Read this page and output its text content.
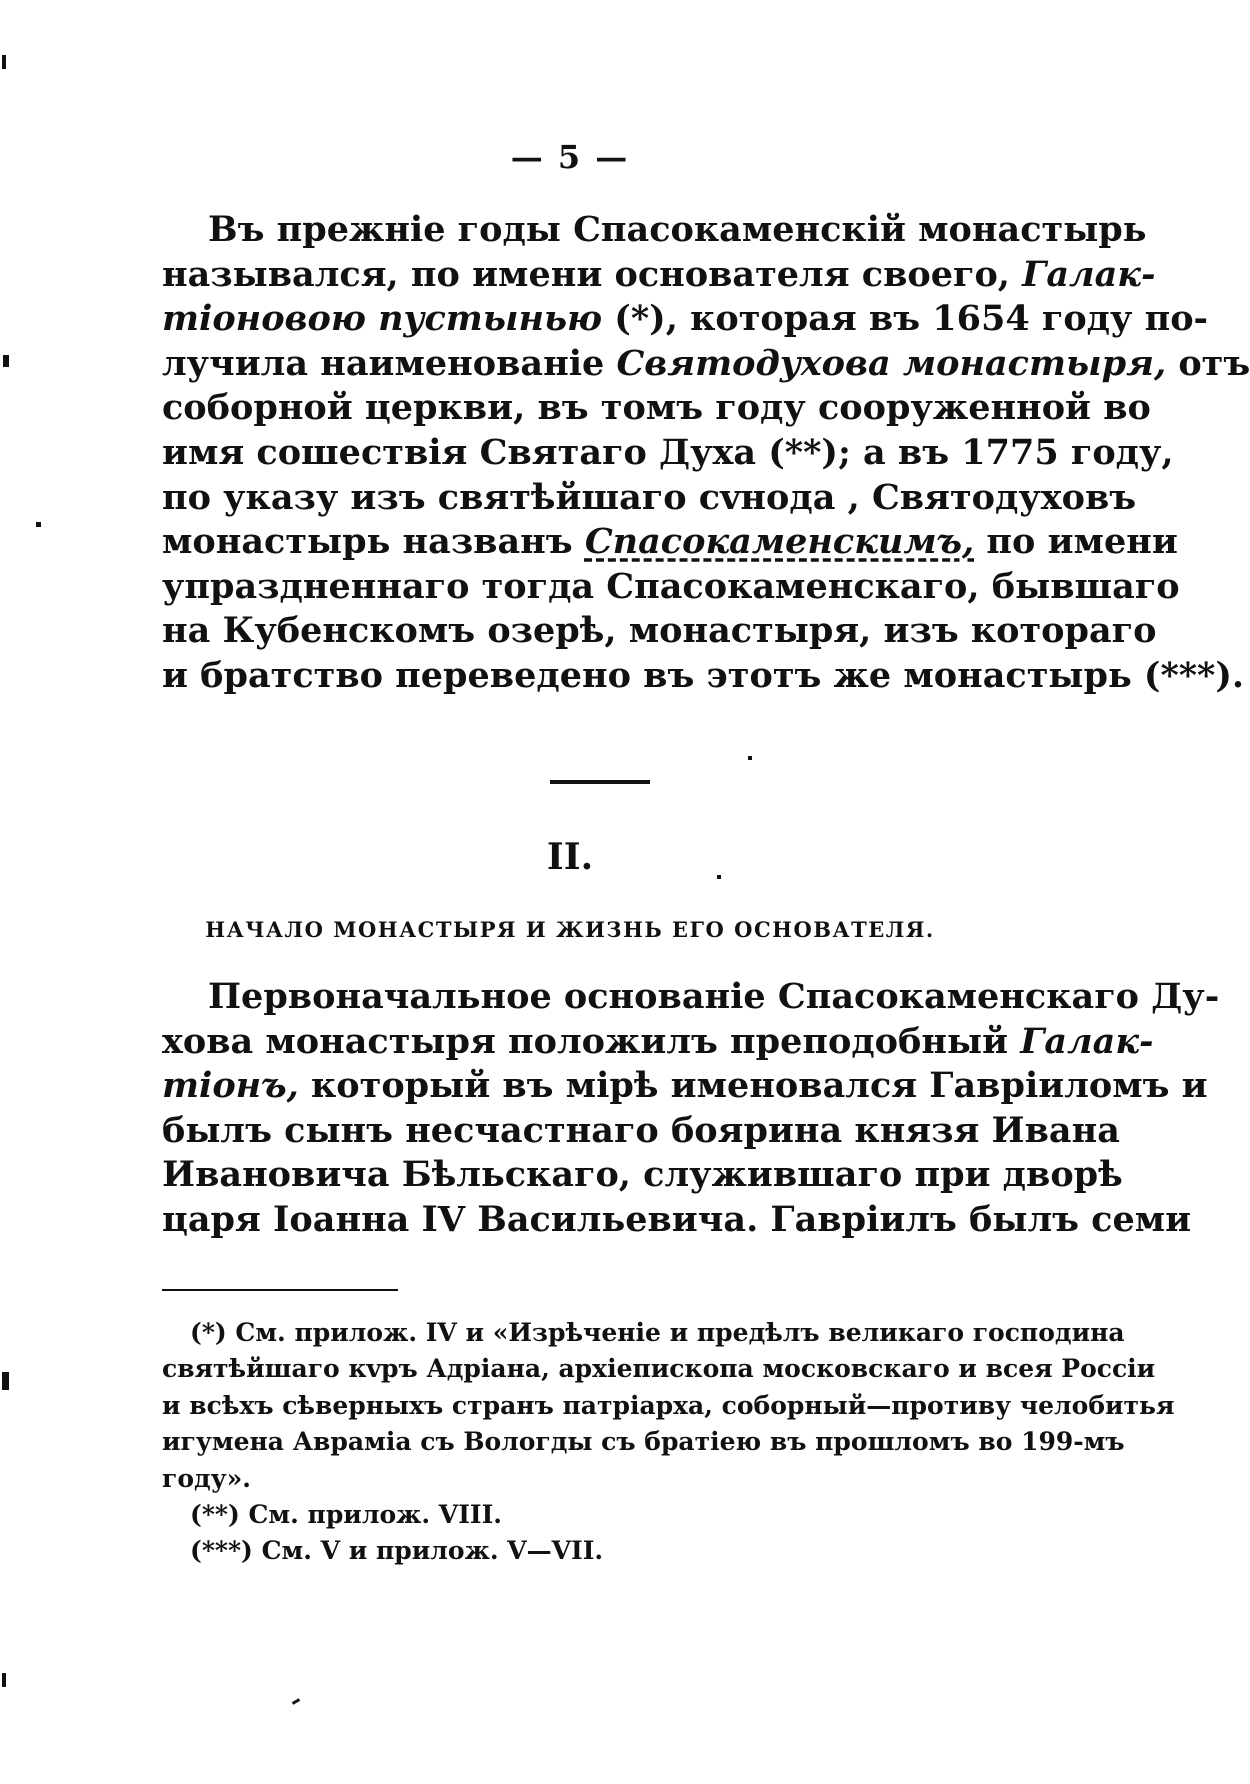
— 5 —
Въ прежніе годы Спасокаменскій монастырь
назывался, по имени основателя своего, Галак-
тіоновою пустынью (*), которая въ 1654 году по-
лучила наименованіе Святодухова монастыря, отъ
соборной церкви, въ томъ году сооруженной во
имя сошествія Святаго Духа (**); а въ 1775 году,
по указу изъ святѣйшаго сvнода , Святодуховъ
монастырь названъ Спасокаменскимъ, по имени
упраздненнаго тогда Спасокаменскаго, бывшаго
на Кубенскомъ озерѣ, монастыря, изъ котораго
и братство переведено въ этотъ же монастырь (***).
II.
НАЧАЛО МОНАСТЫРЯ И ЖИЗНЬ ЕГО ОСНОВАТЕЛЯ.
Первоначальное основаніе Спасокаменскаго Ду-
хова монастыря положилъ преподобный Галак-
тіонъ, который въ мірѣ именовался Гавріиломъ и
былъ сынъ несчастнаго боярина князя Ивана
Ивановича Бѣльскаго, служившаго при дворѣ
царя Іоанна IV Васильевича. Гавріилъ былъ семи
(*) См. прилож. IV и «Изрѣченіе и предѣлъ великаго господина
святѣйшаго кvръ Адріана, архіепископа московскаго и всея Россіи
и всѣхъ сѣверныхъ странъ патріарха, соборный—противу челобитья
игумена Авраміа съ Вологды съ братіею въ прошломъ во 199-мъ
году».
(**) См. прилож. VIII.
(***) См. V и прилож. V—VII.
